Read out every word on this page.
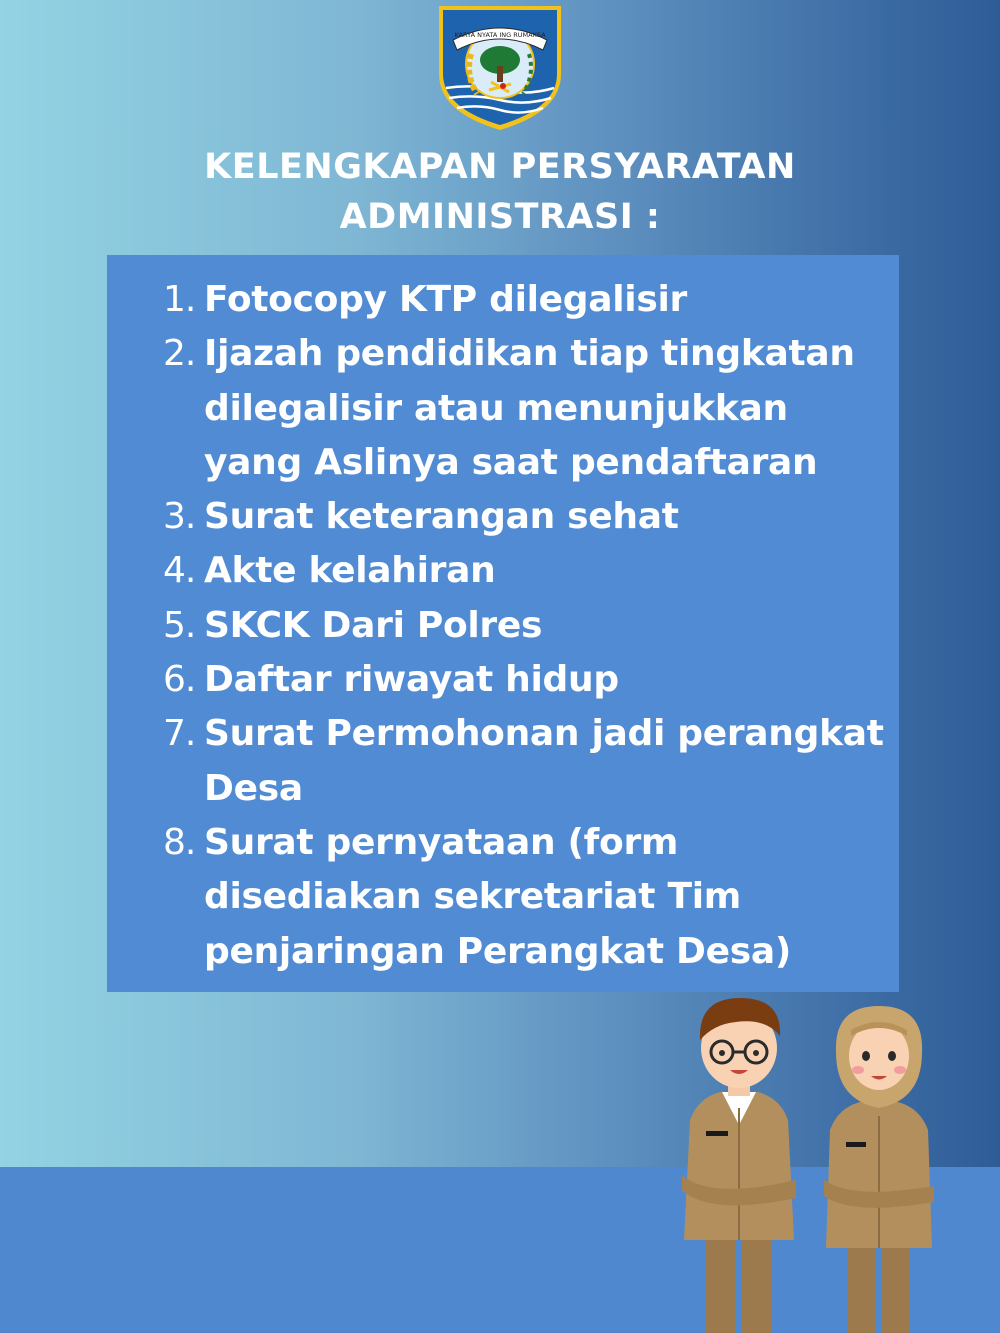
KARYA NYATA ING RUMAKSA
KELENGKAPAN PERSYARATAN
ADMINISTRASI :
1. Fotocopy KTP dilegalisir
2. Ijazah pendidikan tiap tingkatan dilegalisir atau menunjukkan yang Aslinya saat pendaftaran
3. Surat keterangan sehat
4. Akte kelahiran
5. SKCK Dari Polres
6. Daftar riwayat hidup
7. Surat Permohonan jadi perangkat Desa
8. Surat pernyataan (form disediakan sekretariat Tim penjaringan Perangkat Desa)
